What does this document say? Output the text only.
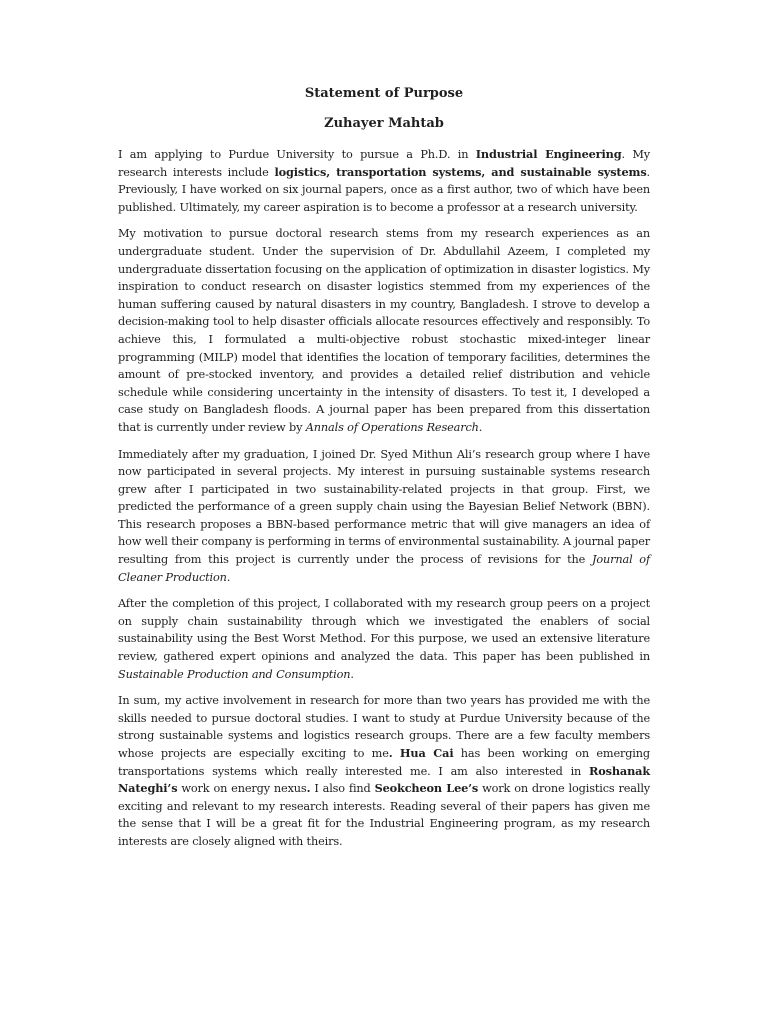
Statement of Purpose
Zuhayer Mahtab

I am applying to Purdue University to pursue a Ph.D. in Industrial Engineering. My research interests include logistics, transportation systems, and sustainable systems. Previously, I have worked on six journal papers, once as a first author, two of which have been published. Ultimately, my career aspiration is to become a professor at a research university.

My motivation to pursue doctoral research stems from my research experiences as an undergraduate student. Under the supervision of Dr. Abdullahil Azeem, I completed my undergraduate dissertation focusing on the application of optimization in disaster logistics. My inspiration to conduct research on disaster logistics stemmed from my experiences of the human suffering caused by natural disasters in my country, Bangladesh. I strove to develop a decision-making tool to help disaster officials allocate resources effectively and responsibly. To achieve this, I formulated a multi-objective robust stochastic mixed-integer linear programming (MILP) model that identifies the location of temporary facilities, determines the amount of pre-stocked inventory, and provides a detailed relief distribution and vehicle schedule while considering uncertainty in the intensity of disasters. To test it, I developed a case study on Bangladesh floods. A journal paper has been prepared from this dissertation that is currently under review by Annals of Operations Research.

Immediately after my graduation, I joined Dr. Syed Mithun Ali’s research group where I have now participated in several projects. My interest in pursuing sustainable systems research grew after I participated in two sustainability-related projects in that group. First, we predicted the performance of a green supply chain using the Bayesian Belief Network (BBN). This research proposes a BBN-based performance metric that will give managers an idea of how well their company is performing in terms of environmental sustainability. A journal paper resulting from this project is currently under the process of revisions for the Journal of Cleaner Production.

After the completion of this project, I collaborated with my research group peers on a project on supply chain sustainability through which we investigated the enablers of social sustainability using the Best Worst Method. For this purpose, we used an extensive literature review, gathered expert opinions and analyzed the data. This paper has been published in Sustainable Production and Consumption.

In sum, my active involvement in research for more than two years has provided me with the skills needed to pursue doctoral studies. I want to study at Purdue University because of the strong sustainable systems and logistics research groups. There are a few faculty members whose projects are especially exciting to me. Hua Cai has been working on emerging transportations systems which really interested me. I am also interested in Roshanak Nateghi’s work on energy nexus. I also find Seokcheon Lee’s work on drone logistics really exciting and relevant to my research interests. Reading several of their papers has given me the sense that I will be a great fit for the Industrial Engineering program, as my research interests are closely aligned with theirs.
